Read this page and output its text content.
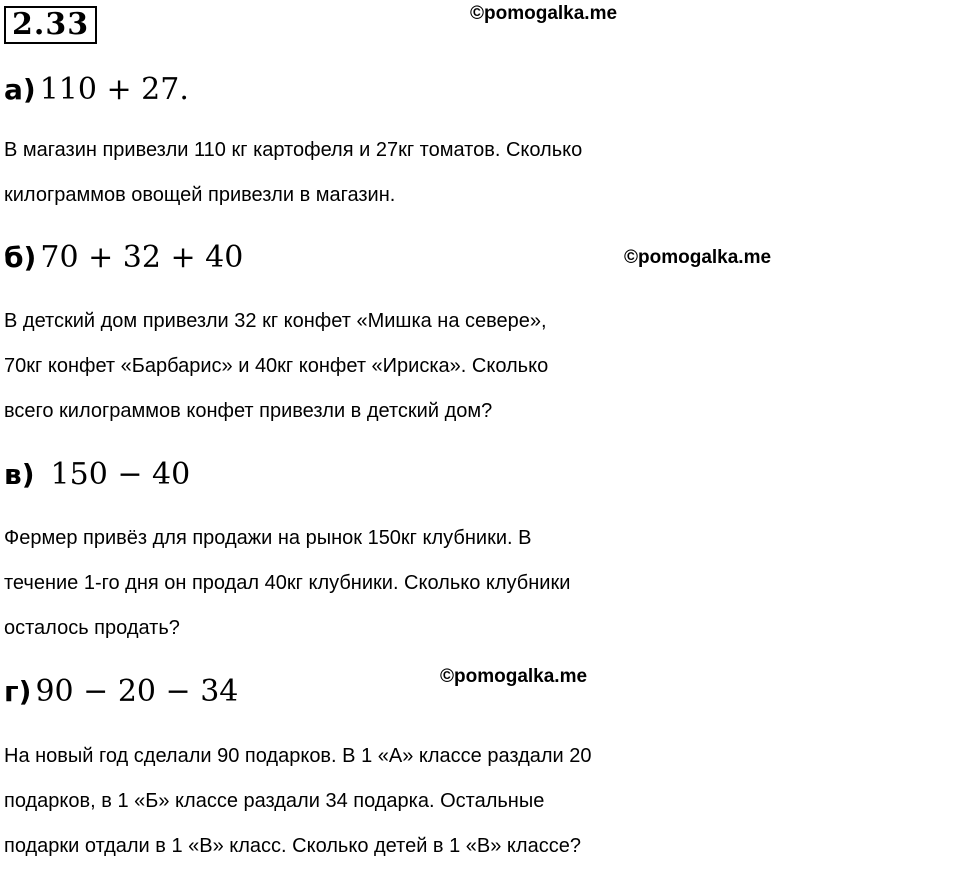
2.33	©pomogalka.me
©pomogalka.me
©pomogalka.me
а) 110 + 27.
В магазин привезли 110 кг картофеля и 27кг томатов. Сколько
килограммов овощей привезли в магазин.
б) 70 + 32 + 40
В детский дом привезли 32 кг конфет «Мишка на севере»,
70кг конфет «Барбарис» и 40кг конфет «Ириска». Сколько
всего килограммов конфет привезли в детский дом?
в) 150 − 40
Фермер привёз для продажи на рынок 150кг клубники. В
течение 1-го дня он продал 40кг клубники. Сколько клубники
осталось продать?
г) 90 − 20 − 34
На новый год сделали 90 подарков. В 1 «А» классе раздали 20
подарков, в 1 «Б» классе раздали 34 подарка. Остальные
подарки отдали в 1 «В» класс. Сколько детей в 1 «В» классе?
